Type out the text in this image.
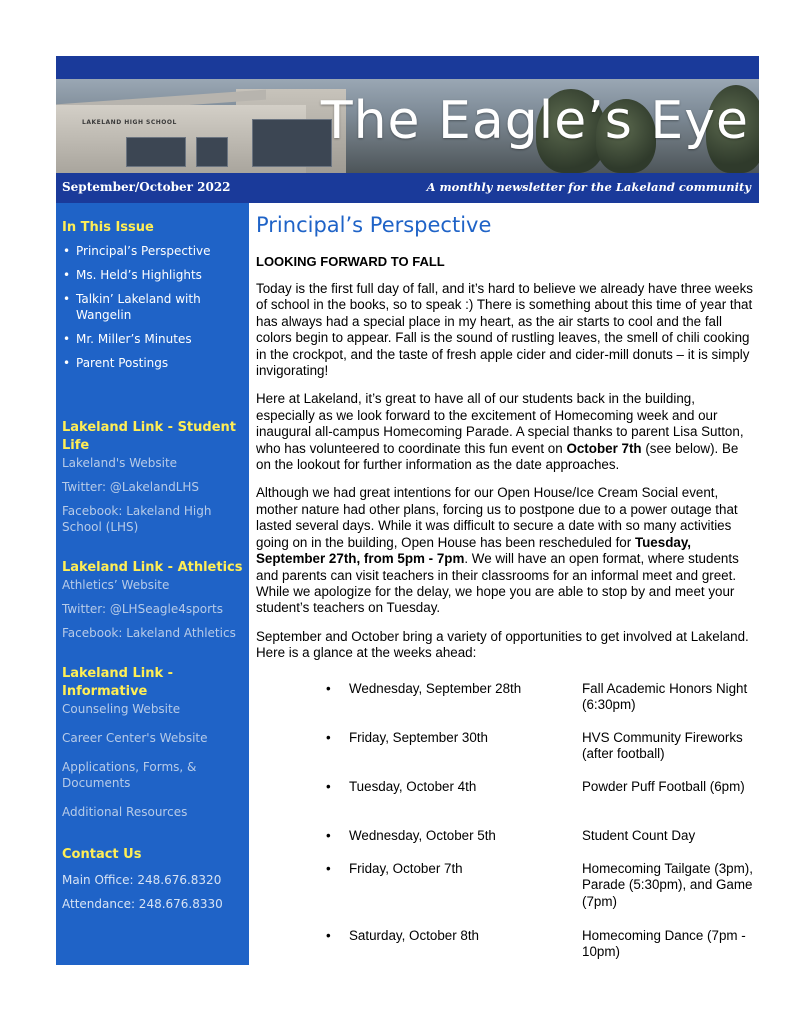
LAKELAND HIGH SCHOOL	The Eagle’s Eye
September/October 2022	A monthly newsletter for the Lakeland community
In This Issue
• Principal’s Perspective
• Ms. Held’s Highlights
• Talkin’ Lakeland with Wangelin
• Mr. Miller’s Minutes
• Parent Postings
Lakeland Link - Student Life
Lakeland's Website
Twitter: @LakelandLHS
Facebook: Lakeland High School (LHS)
Lakeland Link - Athletics
Athletics’ Website
Twitter: @LHSeagle4sports
Facebook: Lakeland Athletics
Lakeland Link - Informative
Counseling Website
Career Center's Website
Applications, Forms, & Documents
Additional Resources
Contact Us
Main Office: 248.676.8320
Attendance: 248.676.8330
Principal’s Perspective
LOOKING FORWARD TO FALL

Today is the first full day of fall, and it’s hard to believe we already have three weeks of school in the books, so to speak :) There is something about this time of year that has always had a special place in my heart, as the air starts to cool and the fall colors begin to appear. Fall is the sound of rustling leaves, the smell of chili cooking in the crockpot, and the taste of fresh apple cider and cider-mill donuts – it is simply invigorating!

Here at Lakeland, it’s great to have all of our students back in the building, especially as we look forward to the excitement of Homecoming week and our inaugural all-campus Homecoming Parade. A special thanks to parent Lisa Sutton, who has volunteered to coordinate this fun event on October 7th (see below). Be on the lookout for further information as the date approaches.

Although we had great intentions for our Open House/Ice Cream Social event, mother nature had other plans, forcing us to postpone due to a power outage that lasted several days. While it was difficult to secure a date with so many activities going on in the building, Open House has been rescheduled for Tuesday, September 27th, from 5pm - 7pm. We will have an open format, where students and parents can visit teachers in their classrooms for an informal meet and greet. While we apologize for the delay, we hope you are able to stop by and meet your student’s teachers on Tuesday.

September and October bring a variety of opportunities to get involved at Lakeland. Here is a glance at the weeks ahead:

• Wednesday, September 28th	Fall Academic Honors Night (6:30pm)
• Friday, September 30th	HVS Community Fireworks (after football)
• Tuesday, October 4th	Powder Puff Football (6pm)
• Wednesday, October 5th	Student Count Day
• Friday, October 7th	Homecoming Tailgate (3pm), Parade (5:30pm), and Game (7pm)
• Saturday, October 8th	Homecoming Dance (7pm - 10pm)
